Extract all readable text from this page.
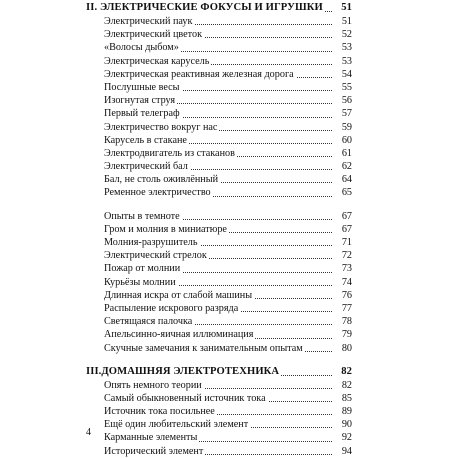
II. ЭЛЕКТРИЧЕСКИЕ ФОКУСЫ И ИГРУШКИ 51
Электрический паук	51
Электрический цветок	52
«Волосы дыбом»	53
Электрическая карусель	53
Электрическая реактивная железная дорога	54
Послушные весы	55
Изогнутая струя	56
Первый телеграф	57
Электричество вокруг нас	59
Карусель в стакане	60
Электродвигатель из стаканов	61
Электрический бал	62
Бал, не столь оживлённый	64
Ременное электричество	65
Опыты в темноте	67
Гром и молния в миниатюре	67
Молния-разрушитель	71
Электрический стрелок	72
Пожар от молнии	73
Курьёзы молнии	74
Длинная искра от слабой машины	76
Распыление искрового разряда	77
Светящаяся палочка	78
Апельсинно-яичная иллюминация	79
Скучные замечания к занимательным опытам	80
III.ДОМАШНЯЯ ЭЛЕКТРОТЕХНИКА	82
Опять немного теории	82
Самый обыкновенный источник тока	85
Источник тока посильнее	89
Ещё один любительский элемент	90
Карманные элементы	92
Исторический элемент	94
4
